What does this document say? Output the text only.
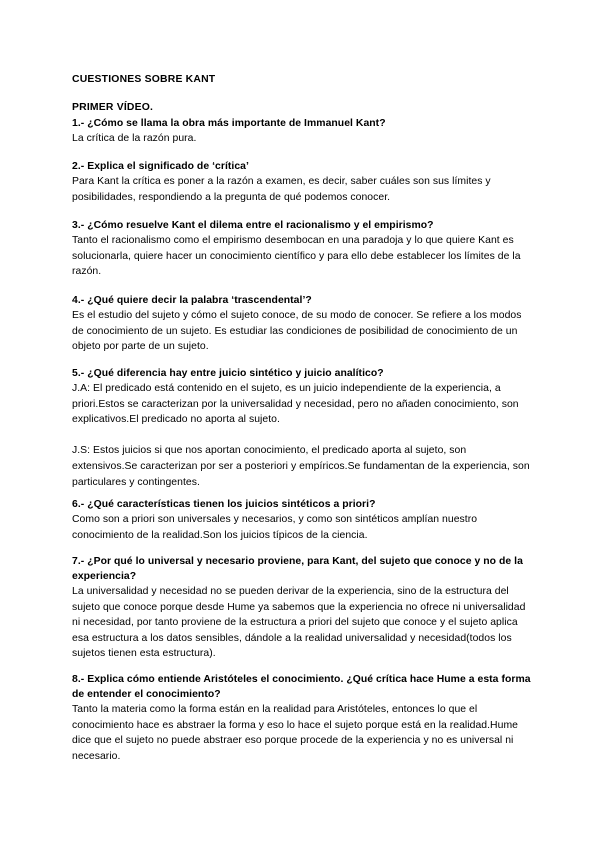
CUESTIONES SOBRE KANT
PRIMER VÍDEO.

1.- ¿Cómo se llama la obra más importante de Immanuel Kant?

La crítica de la razón pura.

2.- Explica el significado de ‘crítica’

Para Kant la crítica es poner a la razón a examen, es decir, saber cuáles son sus límites y posibilidades, respondiendo a la pregunta de qué podemos conocer.

3.- ¿Cómo resuelve Kant el dilema entre el racionalismo y el empirismo?

Tanto el racionalismo como el empirismo desembocan en una paradoja y lo que quiere Kant es solucionarla, quiere hacer un conocimiento científico y para ello debe establecer los límites de la razón.

4.- ¿Qué quiere decir la palabra ‘trascendental’?

Es el estudio del sujeto y cómo el sujeto conoce, de su modo de conocer. Se refiere a los modos de conocimiento de un sujeto. Es estudiar las condiciones de posibilidad de conocimiento de un objeto por parte de un sujeto.

5.- ¿Qué diferencia hay entre juicio sintético y juicio analítico?

J.A: El predicado está contenido en el sujeto, es un juicio independiente de la experiencia, a priori.Estos se caracterizan por la universalidad y necesidad, pero no añaden conocimiento, son explicativos.El predicado no aporta al sujeto.

J.S: Estos juicios si que nos aportan conocimiento, el predicado aporta al sujeto, son extensivos.Se caracterizan por ser a posteriori y empíricos.Se fundamentan de la experiencia, son particulares y contingentes.

6.- ¿Qué características tienen los juicios sintéticos a priori?

Como son a priori son universales y necesarios, y como son sintéticos amplían nuestro conocimiento de la realidad.Son los juicios típicos de la ciencia.

7.- ¿Por qué lo universal y necesario proviene, para Kant, del sujeto que conoce y no de la experiencia?

La universalidad y necesidad no se pueden derivar de la experiencia, sino de la estructura del sujeto que conoce porque desde Hume ya sabemos que la experiencia no ofrece ni universalidad ni necesidad, por tanto proviene de la estructura a priori del sujeto que conoce y el sujeto aplica esa estructura a los datos sensibles, dándole a la realidad universalidad y necesidad(todos los sujetos tienen esta estructura).

8.- Explica cómo entiende Aristóteles el conocimiento. ¿Qué crítica hace Hume a esta forma de entender el conocimiento?

Tanto la materia como la forma están en la realidad para Aristóteles, entonces lo que el conocimiento hace es abstraer la forma y eso lo hace el sujeto porque está en la realidad.Hume dice que el sujeto no puede abstraer eso porque procede de la experiencia y no es universal ni necesario.
